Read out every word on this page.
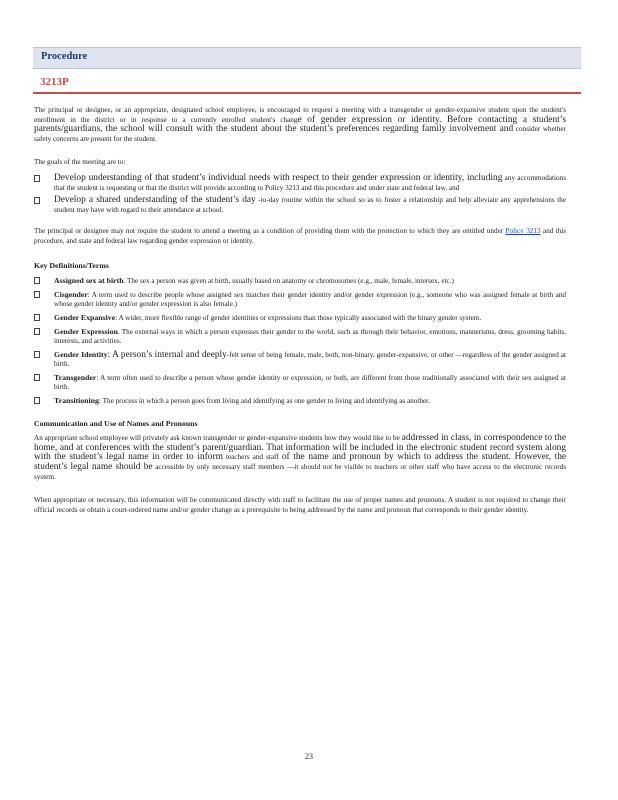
Procedure
3213P

The principal or designee, or an appropriate, designated school employee, is encouraged to request a meeting with a transgender or gender-expansive student upon the student's enrollment in the district or in response to a currently enrolled student's change of gender expression or identity. Before contacting a student’s parents/guardians, the school will consult with the student about the student’s preferences regarding family involvement and consider whether safety concerns are present for the student.

The goals of the meeting are to:

Develop understanding of that student’s individual needs with respect to their gender expression or identity, including any accommodations that the student is requesting or that the district will provide according to Policy 3213 and this procedure and under state and federal law, and
Develop a shared understanding of the student’s day -to-day routine within the school so as to foster a relationship and help alleviate any apprehensions the student may have with regard to their attendance at school.

The principal or designee may not require the student to attend a meeting as a condition of providing them with the protection to which they are entitled under Policy 3213 and this procedure, and state and federal law regarding gender expression or identity.

Key Definitions/Terms
Assigned sex at birth. The sex a person was given at birth, usually based on anatomy or chromosomes (e.g., male, female, intersex, etc.)
Cisgender: A term used to describe people whose assigned sex matches their gender identity and/or gender expression (e.g., someone who was assigned female at birth and whose gender identity and/or gender expression is also female.)
Gender Expansive: A wider, more flexible range of gender identities or expressions than those typically associated with the binary gender system.
Gender Expression. The external ways in which a person expresses their gender to the world, such as through their behavior, emotions, mannerisms, dress, grooming habits, interests, and activities.
Gender Identity: A person’s internal and deeply-felt sense of being female, male, both, non-binary, gender-expansive, or other —regardless of the gender assigned at birth.
Transgender: A term often used to describe a person whose gender identity or expression, or both, are different from those traditionally associated with their sex assigned at birth.
Transitioning: The process in which a person goes from living and identifying as one gender to living and identifying as another.
Communication and Use of Names and Pronouns

An appropriate school employee will privately ask known transgender or gender-expansive students how they would like to be addressed in class, in correspondence to the home, and at conferences with the student’s parent/guardian. That information will be included in the electronic student record system along with the student’s legal name in order to inform teachers and staff of the name and pronoun by which to address the student. However, the student’s legal name should be accessible by only necessary staff members —it should not be visible to teachers or other staff who have access to the electronic records system.

When appropriate or necessary, this information will be communicated directly with staff to facilitate the use of proper names and pronouns. A student is not required to change their official records or obtain a court-ordered name and/or gender change as a prerequisite to being addressed by the name and pronoun that corresponds to their gender identity.

23
